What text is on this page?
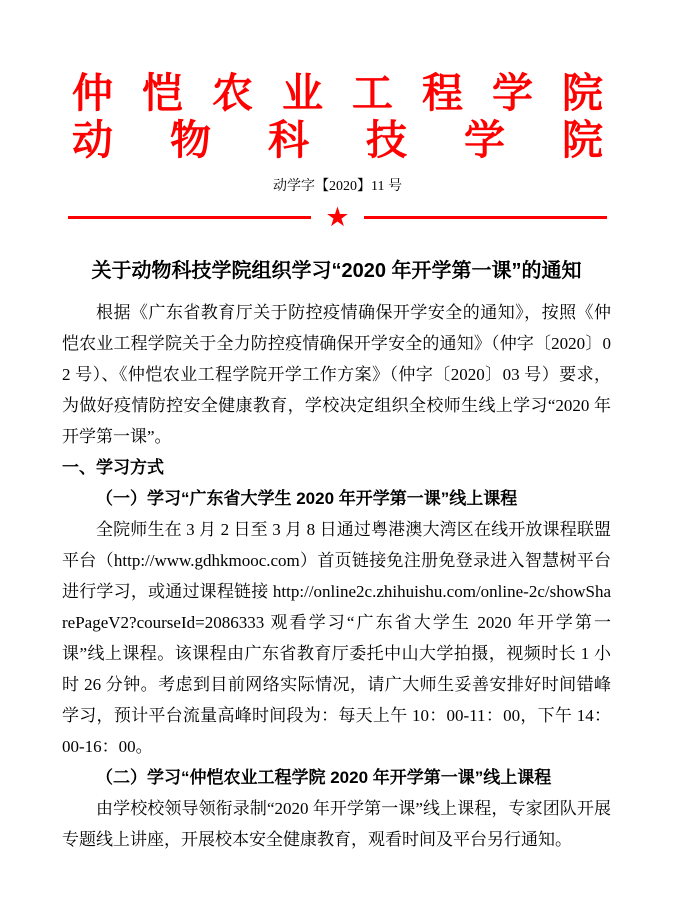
仲 恺 农 业 工 程 学 院
动 物 科 技 学 院
动学字【2020】11 号
★
关于动物科技学院组织学习“2020 年开学第一课”的通知

根据《广东省教育厅关于防控疫情确保开学安全的通知》，按照《仲恺农业工程学院关于全力防控疫情确保开学安全的通知》（仲字〔2020〕02 号）、《仲恺农业工程学院开学工作方案》（仲字〔2020〕03 号）要求，为做好疫情防控安全健康教育，学校决定组织全校师生线上学习“2020 年开学第一课”。

一、学习方式
（一）学习“广东省大学生 2020 年开学第一课”线上课程

全院师生在 3 月 2 日至 3 月 8 日通过粤港澳大湾区在线开放课程联盟平台（http://www.gdhkmooc.com）首页链接免注册免登录进入智慧树平台进行学习，或通过课程链接 http://online2c.zhihuishu.com/online-2c/showSharePageV2?courseId=2086333 观看学习“广东省大学生 2020 年开学第一课”线上课程。该课程由广东省教育厅委托中山大学拍摄，视频时长 1 小时 26 分钟。考虑到目前网络实际情况，请广大师生妥善安排好时间错峰学习，预计平台流量高峰时间段为：每天上午 10：00-11：00，下午 14：00-16：00。

（二）学习“仲恺农业工程学院 2020 年开学第一课”线上课程

由学校校领导领衔录制“2020 年开学第一课”线上课程，专家团队开展专题线上讲座，开展校本安全健康教育，观看时间及平台另行通知。
